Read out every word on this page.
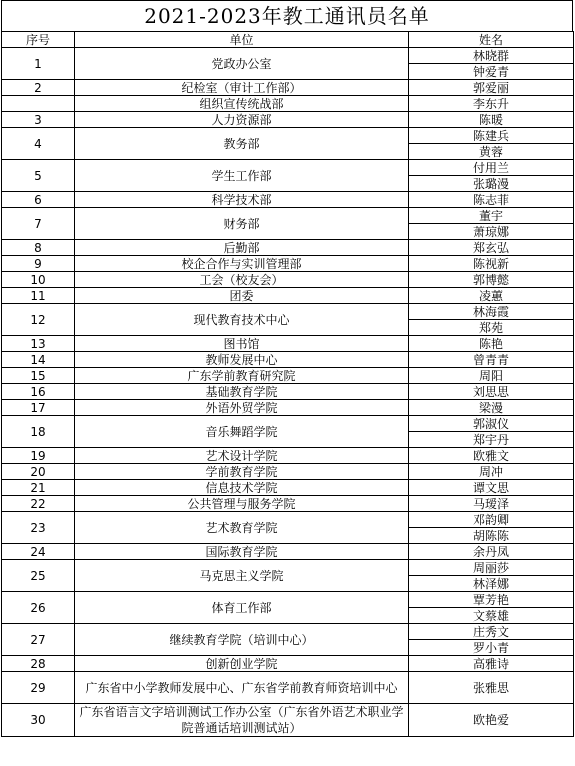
2021-2023年教工通讯员名单
序号	单位	姓名
1	党政办公室	林晓群
		钟爱青
2	纪检室（审计工作部）	郭爱丽
	组织宣传统战部	李东升
3	人力资源部	陈暖
4	教务部	陈建兵
		黄蓉
5	学生工作部	付用兰
		张璐漫
6	科学技术部	陈志菲
7	财务部	董宇
		萧琼娜
8	后勤部	郑玄弘
9	校企合作与实训管理部	陈视新
10	工会（校友会）	郭博懿
11	团委	凌蕙
12	现代教育技术中心	林海霞
		郑苑
13	图书馆	陈艳
14	教师发展中心	曾青青
15	广东学前教育研究院	周阳
16	基础教育学院	刘思思
17	外语外贸学院	梁漫
18	音乐舞蹈学院	郭淑仪
		郑宇丹
19	艺术设计学院	欧雅文
20	学前教育学院	周冲
21	信息技术学院	谭文思
22	公共管理与服务学院	马瑷泽
23	艺术教育学院	邓韵卿
		胡陈陈
24	国际教育学院	余丹凤
25	马克思主义学院	周丽莎
		林泽娜
26	体育工作部	覃芳艳
		文蔡雄
27	继续教育学院（培训中心）	庄秀文
		罗小青
28	创新创业学院	高雅诗
29	广东省中小学教师发展中心、广东省学前教育师资培训中心	张雅思
30	广东省语言文字培训测试工作办公室（广东省外语艺术职业学院普通话培训测试站）	欧艳爱
